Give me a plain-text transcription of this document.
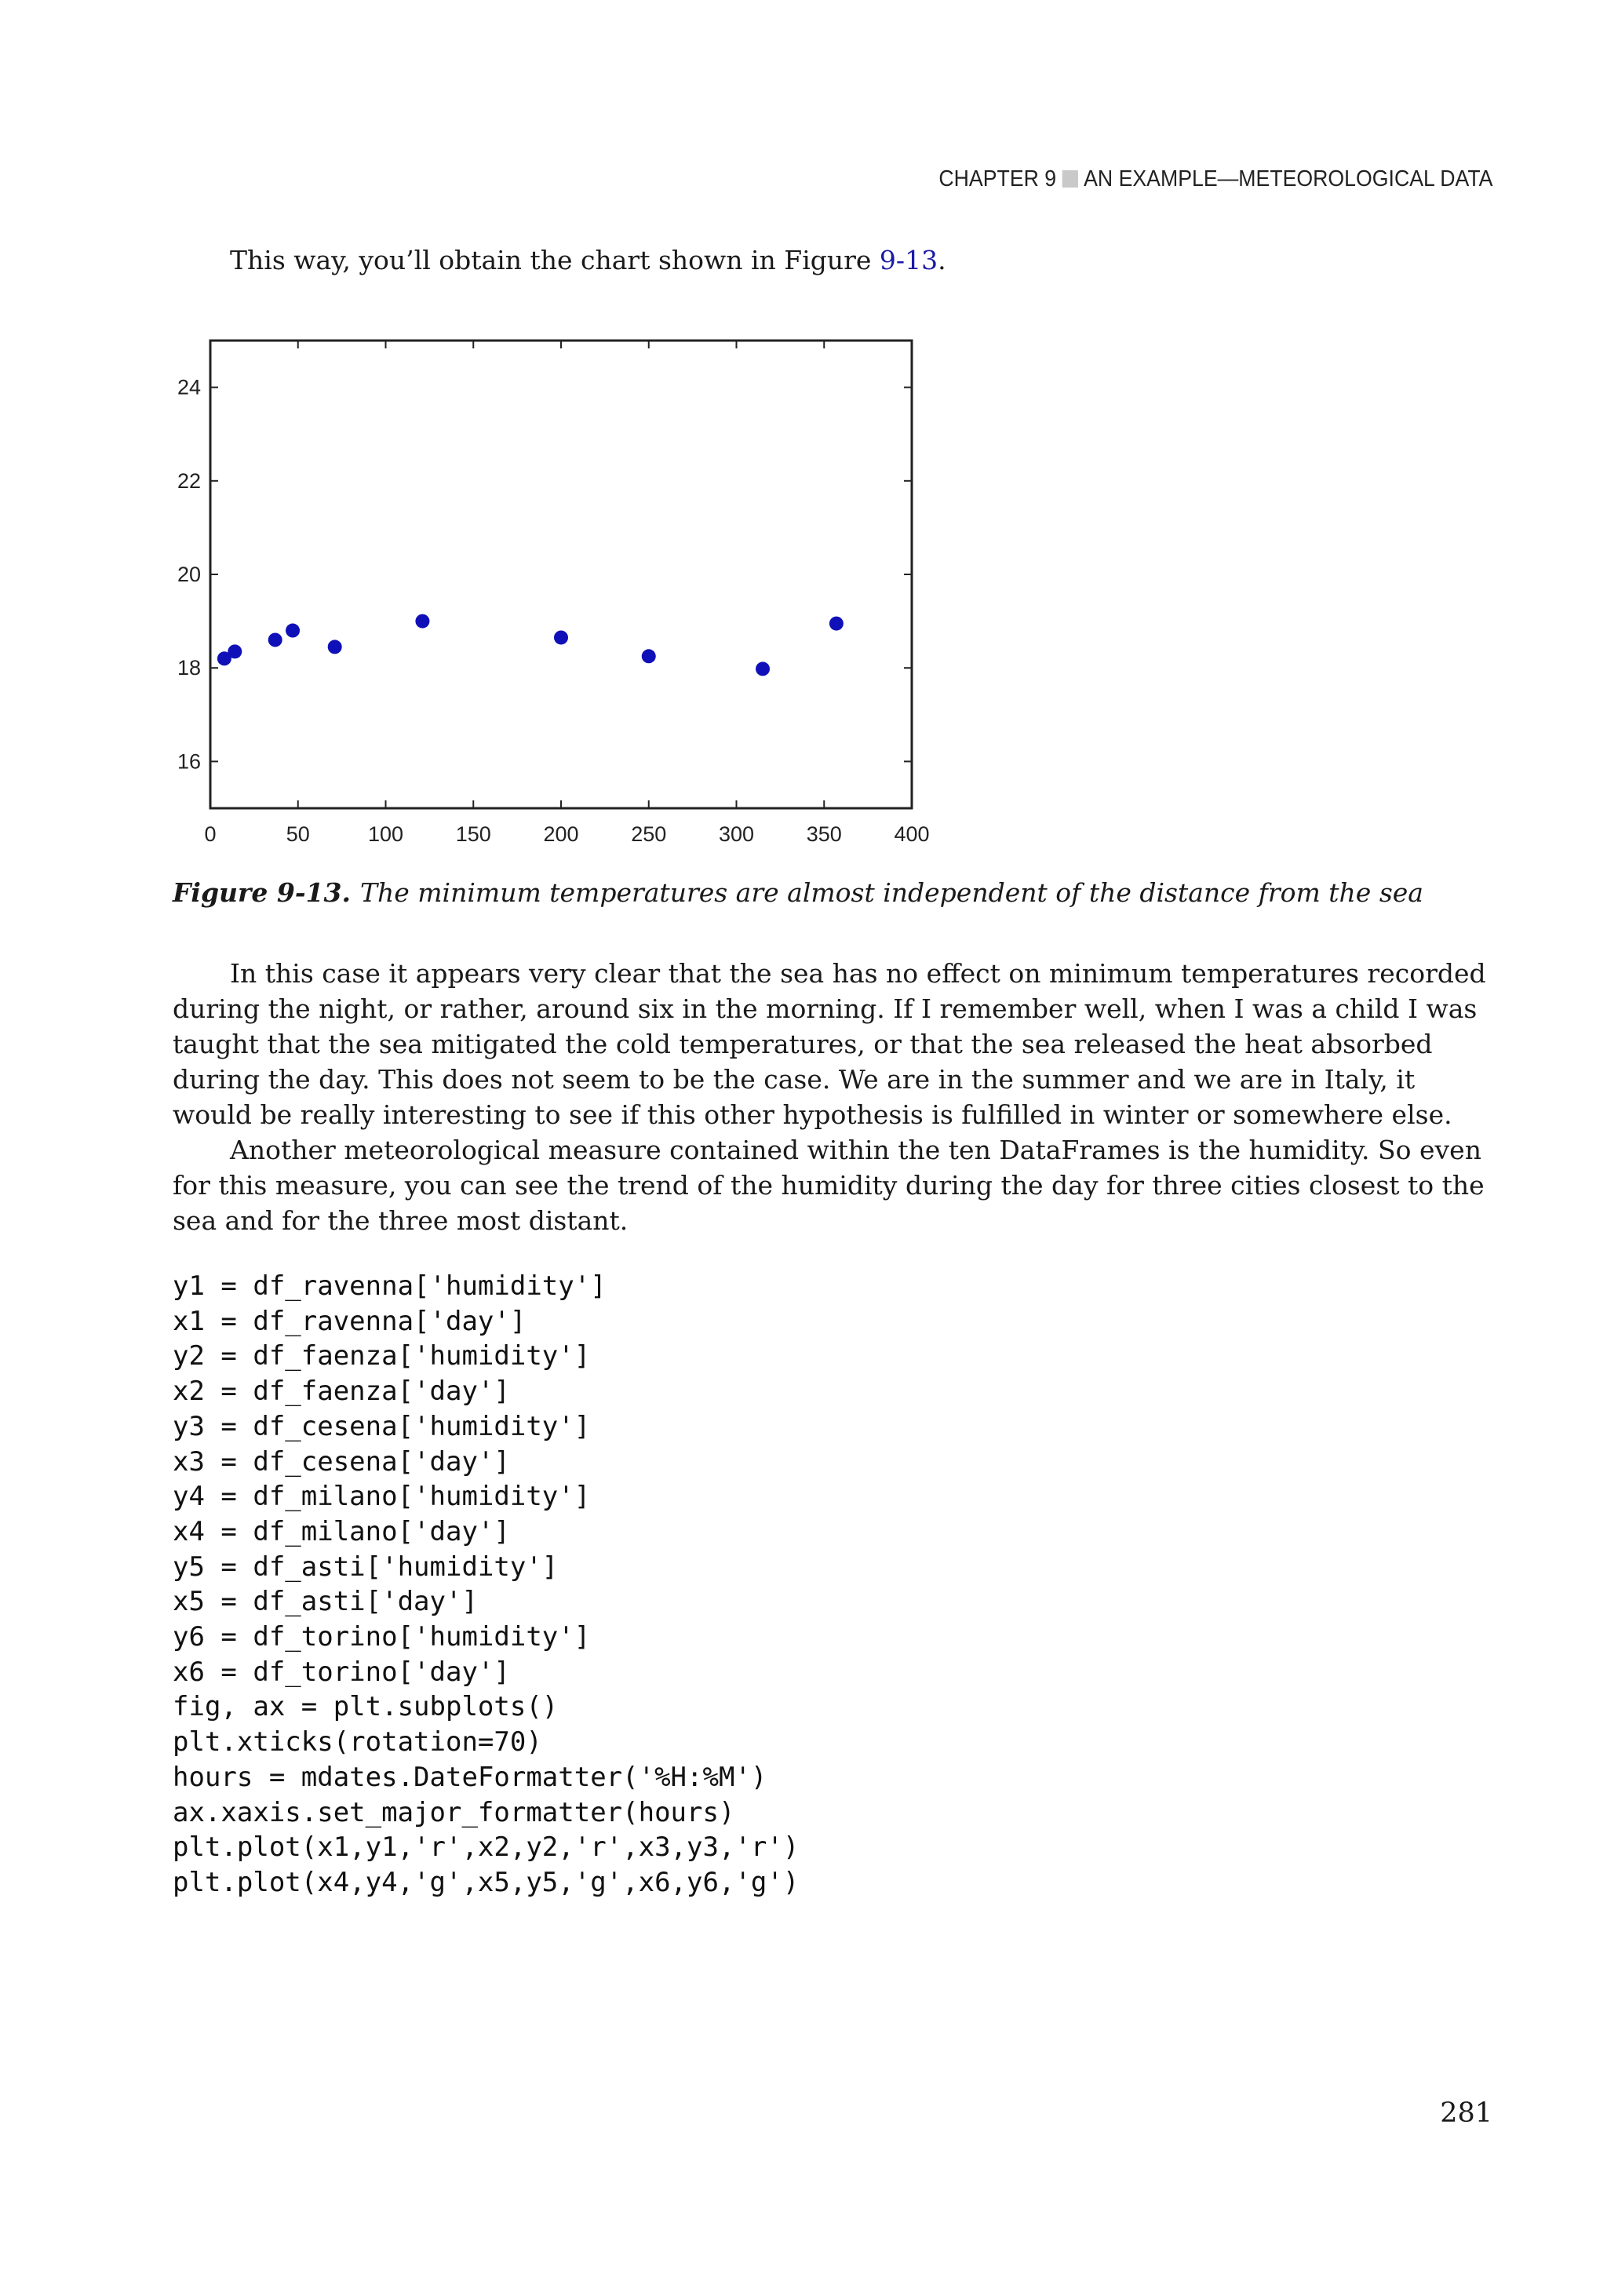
CHAPTER 9 AN EXAMPLE—METEOROLOGICAL DATA

This way, you’ll obtain the chart shown in Figure 9-13.

0	50	100 150 200 250 300 350 400
16
18
20
22
24

Figure 9-13. The minimum temperatures are almost independent of the distance from the sea

In this case it appears very clear that the sea has no effect on minimum temperatures recorded during the night, or rather, around six in the morning. If I remember well, when I was a child I was taught that the sea mitigated the cold temperatures, or that the sea released the heat absorbed during the day. This does not seem to be the case. We are in the summer and we are in Italy, it would be really interesting to see if this other hypothesis is fulfilled in winter or somewhere else.

Another meteorological measure contained within the ten DataFrames is the humidity. So even for this measure, you can see the trend of the humidity during the day for three cities closest to the sea and for the three most distant.

y1 = df_ravenna['humidity']
x1 = df_ravenna['day']
y2 = df_faenza['humidity']
x2 = df_faenza['day']
y3 = df_cesena['humidity']
x3 = df_cesena['day']
y4 = df_milano['humidity']
x4 = df_milano['day']
y5 = df_asti['humidity']
x5 = df_asti['day']
y6 = df_torino['humidity']
x6 = df_torino['day']
fig, ax = plt.subplots()
plt.xticks(rotation=70)
hours = mdates.DateFormatter('%H:%M')
ax.xaxis.set_major_formatter(hours)
plt.plot(x1,y1,'r',x2,y2,'r',x3,y3,'r')
plt.plot(x4,y4,'g',x5,y5,'g',x6,y6,'g')
281
